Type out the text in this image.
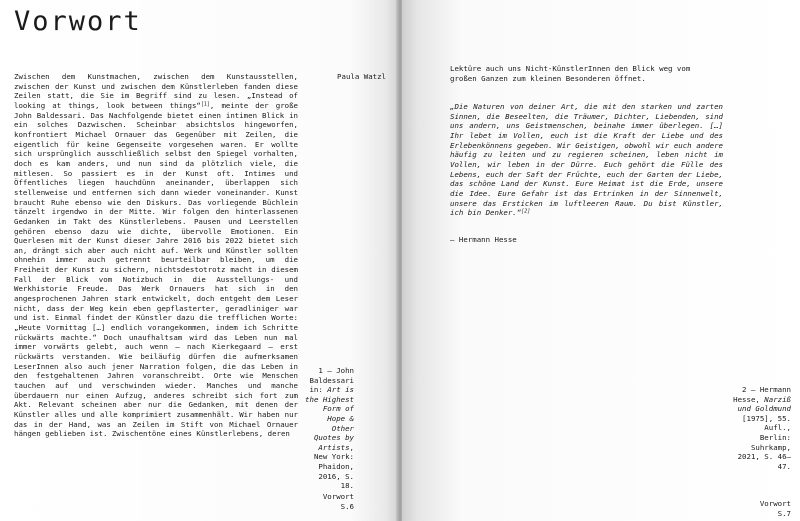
Vorwort
Paula Watzl

Zwischen dem Kunstmachen, zwischen dem Kunstausstellen, zwischen der Kunst und zwischen dem Künstlerleben fanden diese Zeilen statt, die Sie im Begriff sind zu lesen. „Instead of looking at things, look between things“[1], meinte der große John Baldessari. Das Nachfolgende bietet einen intimen Blick in ein solches Dazwischen. Scheinbar absichtslos hingeworfen, konfrontiert Michael Ornauer das Gegenüber mit Zeilen, die eigentlich für keine Gegenseite vorgesehen waren. Er wollte sich ursprünglich ausschließlich selbst den Spiegel vorhalten, doch es kam anders, und nun sind da plötzlich viele, die mitlesen. So passiert es in der Kunst oft. Intimes und Öffentliches liegen hauchdünn aneinander, überlappen sich stellenweise und entfernen sich dann wieder voneinander. Kunst braucht Ruhe ebenso wie den Diskurs. Das vorliegende Büchlein tänzelt irgendwo in der Mitte. Wir folgen den hinterlassenen Gedanken im Takt des Künstlerlebens. Pausen und Leerstellen gehören ebenso dazu wie dichte, übervolle Emotionen. Ein Querlesen mit der Kunst dieser Jahre 2016 bis 2022 bietet sich an, drängt sich aber auch nicht auf. Werk und Künstler sollten ohnehin immer auch getrennt beurteilbar bleiben, um die Freiheit der Kunst zu sichern, nichtsdestotrotz macht in diesem Fall der Blick vom Notizbuch in die Ausstellungs- und Werkhistorie Freude. Das Werk Ornauers hat sich in den angesprochenen Jahren stark entwickelt, doch entgeht dem Leser nicht, dass der Weg kein eben gepflasterter, geradliniger war und ist. Einmal findet der Künstler dazu die trefflichen Worte: „Heute Vormittag […] endlich vorangekommen, indem ich Schritte rückwärts machte.“ Doch unaufhaltsam wird das Leben nun mal immer vorwärts gelebt, auch wenn – nach Kierkegaard – erst rückwärts verstanden. Wie beiläufig dürfen die aufmerksamen LeserInnen also auch jener Narration folgen, die das Leben in den festgehaltenen Jahren voranschreibt. Orte wie Menschen tauchen auf und verschwinden wieder. Manches und manche überdauern nur einen Aufzug, anderes schreibt sich fort zum Akt. Relevant scheinen aber nur die Gedanken, mit denen der Künstler alles und alle komprimiert zusammenhält. Wir haben nur das in der Hand, was an Zeilen im Stift von Michael Ornauer hängen geblieben ist. Zwischentöne eines Künstlerlebens, deren

1 – John Baldessari
in: Art is the Highest Form of Hope & Other Quotes by Artists, New York: Phaidon, 2016, S. 18.
Vorwort
S.6

Lektüre auch uns Nicht-KünstlerInnen den Blick weg vom großen Ganzen zum kleinen Besonderen öffnet.

„Die Naturen von deiner Art, die mit den starken und zarten Sinnen, die Beseelten, die Träumer, Dichter, Liebenden, sind uns andern, uns Geistmenschen, beinahe immer überlegen. […] Ihr lebet im Vollen, euch ist die Kraft der Liebe und des Erlebenkönnens gegeben. Wir Geistigen, obwohl wir euch andere häufig zu leiten und zu regieren scheinen, leben nicht im Vollen, wir leben in der Dürre. Euch gehört die Fülle des Lebens, euch der Saft der Früchte, euch der Garten der Liebe, das schöne Land der Kunst. Eure Heimat ist die Erde, unsere die Idee. Eure Gefahr ist das Ertrinken in der Sinnenwelt, unsere das Ersticken im luftleeren Raum. Du bist Künstler, ich bin Denker.“[2]

— Hermann Hesse
2 – Hermann Hesse, Narziß und Goldmund [1975], 55. Aufl., Berlin: Suhrkamp, 2021, S. 46–47.
Vorwort
S.7
